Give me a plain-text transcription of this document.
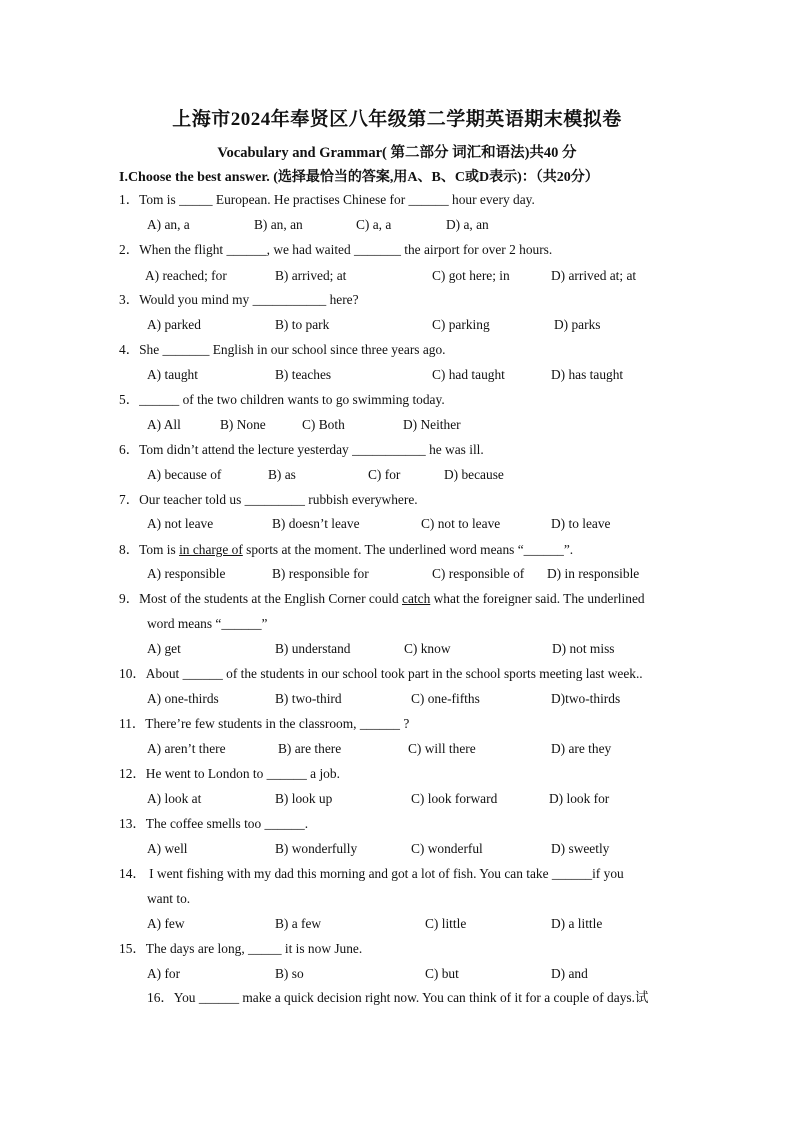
上海市2024年奉贤区八年级第二学期英语期末模拟卷
Vocabulary and Grammar( 第二部分 词汇和语法)共40 分
I.Choose the best answer. (选择最恰当的答案,用A、B、C或D表示)：（共20分）
1．Tom is _____ European. He practises Chinese for ______ hour every day.
A) an, a	B) an, an	C) a, a	D) a, an
2．When the flight ______, we had waited _______ the airport for over 2 hours.
A) reached; for	B) arrived; at	C) got here; in	D) arrived at; at
3．Would you mind my ___________ here?
A) parked	B) to park	C) parking	D) parks
4．She _______ English in our school since three years ago.
A) taught	B) teaches	C) had taught	D) has taught
5．______ of the two children wants to go swimming today.
A) All	B) None	C) Both	D) Neither
6．Tom didn’t attend the lecture yesterday ___________ he was ill.
A) because of	B) as	C) for	D) because
7．Our teacher told us _________ rubbish everywhere.
A) not leave	B) doesn’t leave	C) not to leave	D) to leave
8．Tom is in charge of sports at the moment. The underlined word means “______”.
A) responsible	B) responsible for	C) responsible of D) in responsible
9．Most of the students at the English Corner could catch what the foreigner said. The underlined
word means “______”
A) get	B) understand	C) know	D) not miss
10．About ______ of the students in our school took part in the school sports meeting last week..
A) one-thirds	B) two-third	C) one-fifths	D)two-thirds
11．There’re few students in the classroom, ______ ?
A) aren’t there	B) are there	C) will there	D) are they
12．He went to London to ______ a job.
A) look at	B) look up	C) look forward	D) look for
13．The coffee smells too ______.
A) well	B) wonderfully	C) wonderful	D) sweetly
14． I went fishing with my dad this morning and got a lot of fish. You can take ______if you
want to.
A) few	B) a few	C) little	D) a little
15．The days are long, _____ it is now June.
A) for	B) so	C) but	D) and
16．You ______ make a quick decision right now. You can think of it for a couple of days.试
